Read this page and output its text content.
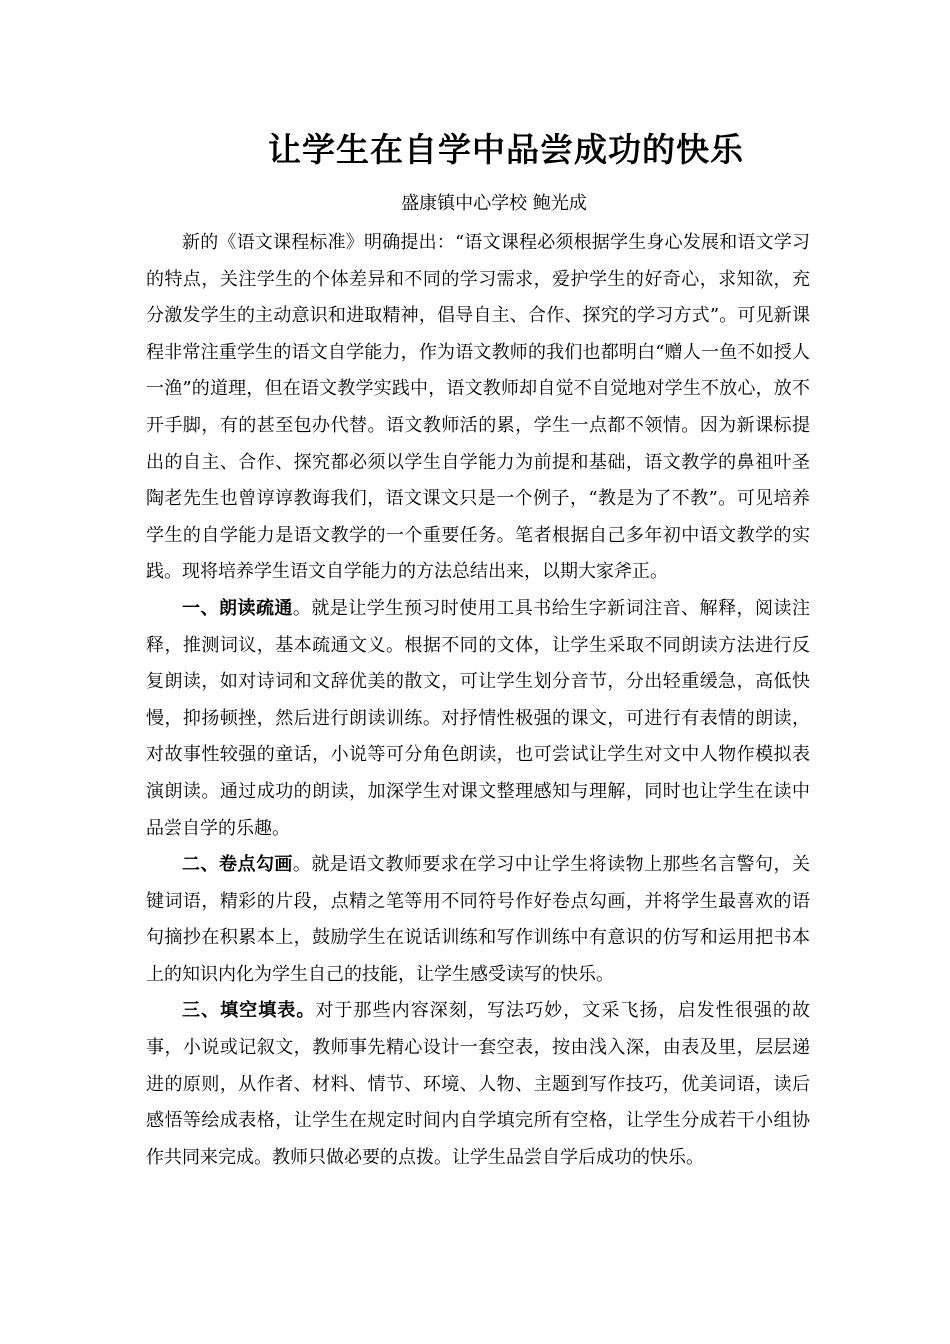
让学生在自学中品尝成功的快乐
盛康镇中心学校 鲍光成

新的《语文课程标准》明确提出：“语文课程必须根据学生身心发展和语文学习的特点，关注学生的个体差异和不同的学习需求，爱护学生的好奇心，求知欲，充分激发学生的主动意识和进取精神，倡导自主、合作、探究的学习方式”。可见新课程非常注重学生的语文自学能力，作为语文教师的我们也都明白“赠人一鱼不如授人一渔”的道理，但在语文教学实践中，语文教师却自觉不自觉地对学生不放心，放不开手脚，有的甚至包办代替。语文教师活的累，学生一点都不领情。因为新课标提出的自主、合作、探究都必须以学生自学能力为前提和基础，语文教学的鼻祖叶圣陶老先生也曾谆谆教诲我们，语文课文只是一个例子，“教是为了不教”。可见培养学生的自学能力是语文教学的一个重要任务。笔者根据自己多年初中语文教学的实践。现将培养学生语文自学能力的方法总结出来，以期大家斧正。

一、朗读疏通。就是让学生预习时使用工具书给生字新词注音、解释，阅读注释，推测词议，基本疏通文义。根据不同的文体，让学生采取不同朗读方法进行反复朗读，如对诗词和文辞优美的散文，可让学生划分音节，分出轻重缓急，高低快慢，抑扬顿挫，然后进行朗读训练。对抒情性极强的课文，可进行有表情的朗读，对故事性较强的童话，小说等可分角色朗读，也可尝试让学生对文中人物作模拟表演朗读。通过成功的朗读，加深学生对课文整理感知与理解，同时也让学生在读中品尝自学的乐趣。

二、卷点勾画。就是语文教师要求在学习中让学生将读物上那些名言警句，关键词语，精彩的片段，点精之笔等用不同符号作好卷点勾画，并将学生最喜欢的语句摘抄在积累本上，鼓励学生在说话训练和写作训练中有意识的仿写和运用把书本上的知识内化为学生自己的技能，让学生感受读写的快乐。

三、填空填表。对于那些内容深刻，写法巧妙，文采飞扬，启发性很强的故事，小说或记叙文，教师事先精心设计一套空表，按由浅入深，由表及里，层层递进的原则，从作者、材料、情节、环境、人物、主题到写作技巧，优美词语，读后感悟等绘成表格，让学生在规定时间内自学填完所有空格，让学生分成若干小组协作共同来完成。教师只做必要的点拨。让学生品尝自学后成功的快乐。
